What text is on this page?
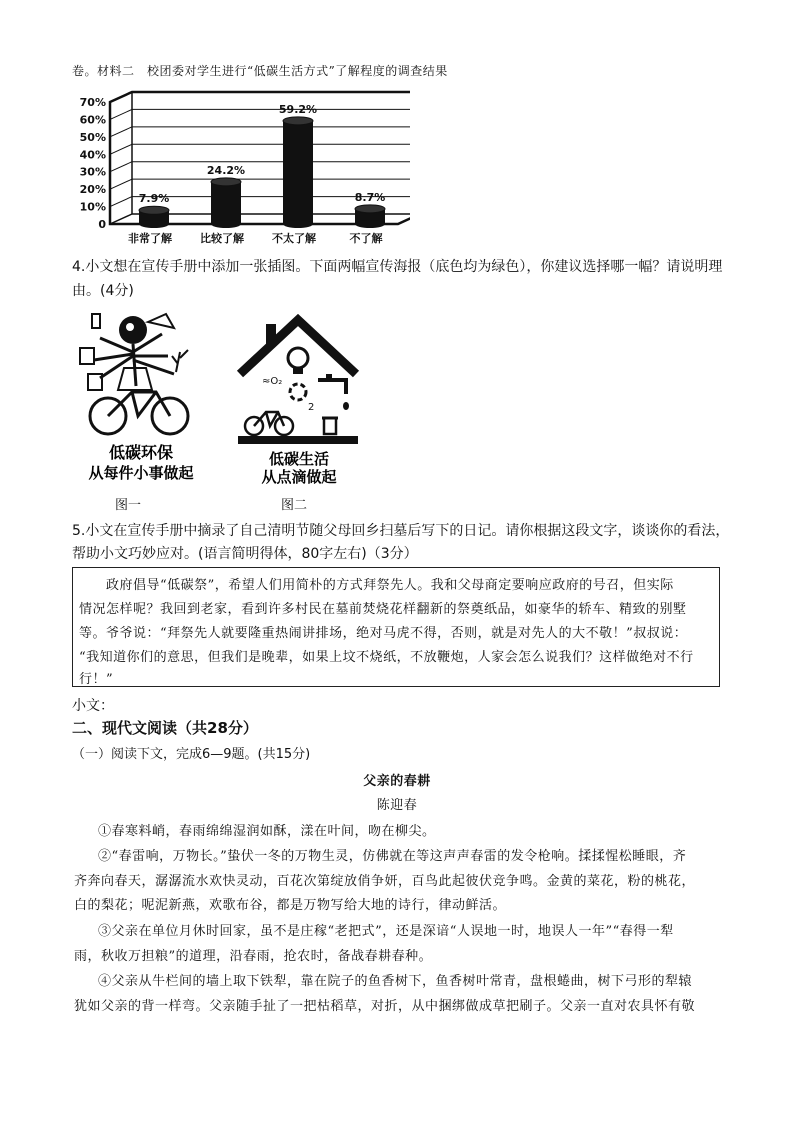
卷。材料二　校团委对学生进行“低碳生活方式”了解程度的调查结果
0
10%
20%
30%
40%
50%
60%
70%
7.9%
非常了解
24.2%
比较了解
59.2%
不太了解
8.7%
不了解
4.小文想在宣传手册中添加一张插图。下面两幅宣传海报（底色均为绿色），你建议选择哪一幅？请说明理
由。(4分)
低碳环保
从每件小事做起
≈O₂
2
低碳生活
从点滴做起
图一	图二
5.小文在宣传手册中摘录了自己清明节随父母回乡扫墓后写下的日记。请你根据这段文字，谈谈你的看法，
帮助小文巧妙应对。(语言简明得体，80字左右)（3分）

　　政府倡导“低碳祭”，希望人们用简朴的方式拜祭先人。我和父母商定要响应政府的号召，但实际

情况怎样呢？我回到老家，看到许多村民在墓前焚烧花样翻新的祭奠纸品，如豪华的轿车、精致的别墅

等。爷爷说：“拜祭先人就要隆重热闹讲排场，绝对马虎不得，否则，就是对先人的大不敬！”叔叔说：

“我知道你们的意思，但我们是晚辈，如果上坟不烧纸，不放鞭炮，人家会怎么说我们？这样做绝对不行

行！”

小文：
二、现代文阅读（共28分）
（一）阅读下文，完成6—9题。(共15分)
父亲的春耕
陈迎春
①春寒料峭，春雨绵绵湿润如酥，漾在叶间，吻在柳尖。
②“春雷响，万物长。”蛰伏一冬的万物生灵，仿佛就在等这声声春雷的发令枪响。揉揉惺松睡眼，齐
齐奔向春天，潺潺流水欢快灵动，百花次第绽放俏争妍，百鸟此起彼伏竞争鸣。金黄的菜花，粉的桃花，
白的梨花；呢泥新燕，欢歌布谷，都是万物写给大地的诗行，律动鲜活。
③父亲在单位月休时回家，虽不是庄稼“老把式”，还是深谙“人误地一时，地误人一年”“春得一犁
雨，秋收万担粮”的道理，沿春雨，抢农时，备战春耕春种。
④父亲从牛栏间的墙上取下铁犁，靠在院子的鱼香树下，鱼香树叶常青，盘根蜷曲，树下弓形的犁辕
犹如父亲的背一样弯。父亲随手扯了一把枯稻草，对折，从中捆绑做成草把刷子。父亲一直对农具怀有敬
